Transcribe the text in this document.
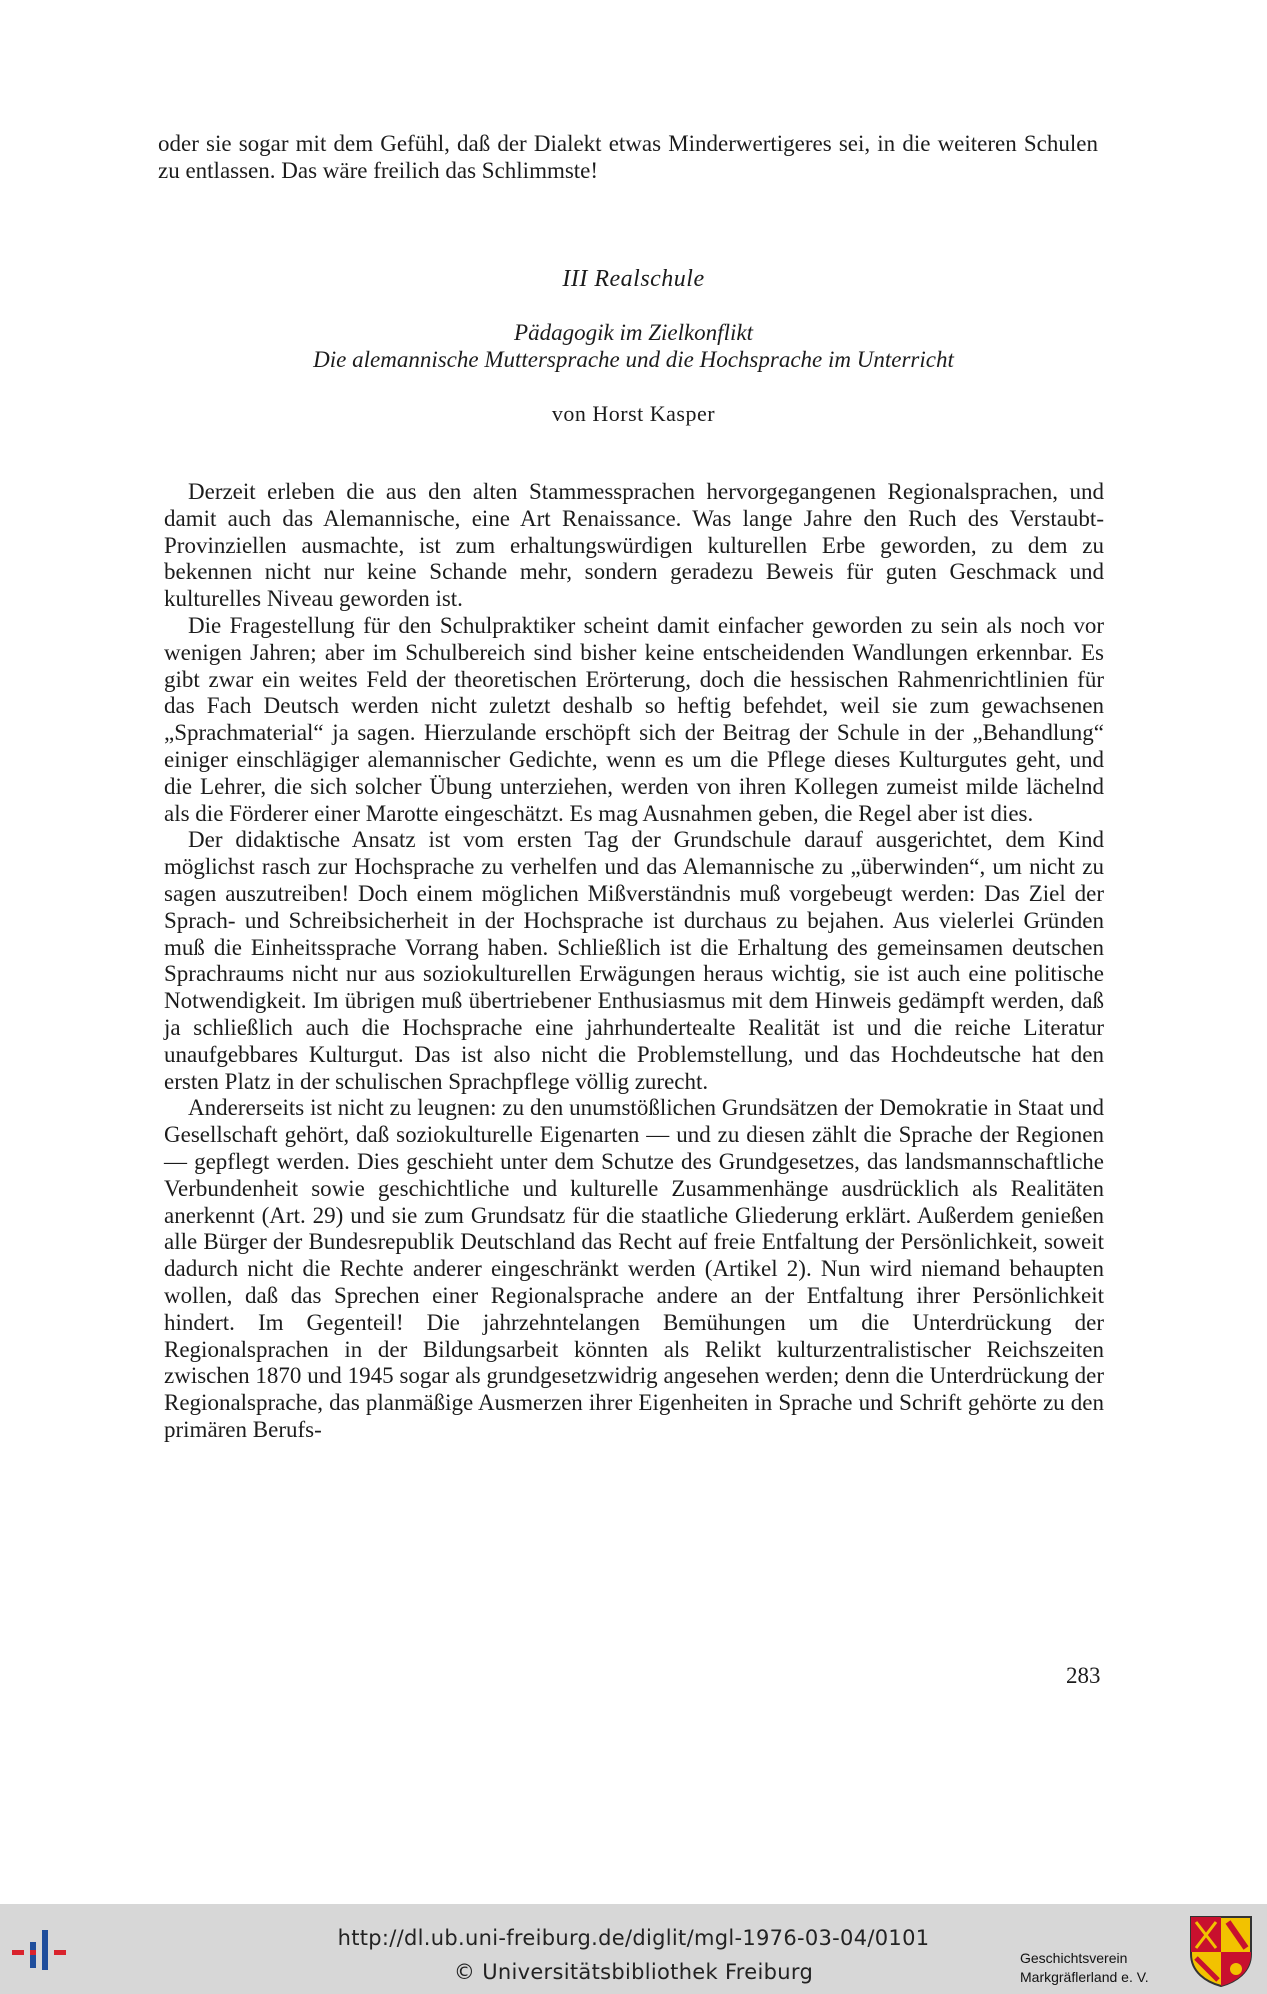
oder sie sogar mit dem Gefühl, daß der Dialekt etwas Minderwertigeres sei, in die weiteren Schulen zu entlassen. Das wäre freilich das Schlimmste!
III Realschule
Pädagogik im Zielkonflikt
Die alemannische Muttersprache und die Hochsprache im Unterricht
von Horst Kasper

Derzeit erleben die aus den alten Stammessprachen hervorgegangenen Regionalsprachen, und damit auch das Alemannische, eine Art Renaissance. Was lange Jahre den Ruch des Verstaubt-Provinziellen ausmachte, ist zum erhaltungswürdigen kulturellen Erbe geworden, zu dem zu bekennen nicht nur keine Schande mehr, sondern geradezu Beweis für guten Geschmack und kulturelles Niveau geworden ist.

Die Fragestellung für den Schulpraktiker scheint damit einfacher geworden zu sein als noch vor wenigen Jahren; aber im Schulbereich sind bisher keine entscheidenden Wandlungen erkennbar. Es gibt zwar ein weites Feld der theoretischen Erörterung, doch die hessischen Rahmenrichtlinien für das Fach Deutsch werden nicht zuletzt deshalb so heftig befehdet, weil sie zum gewachsenen „Sprachmaterial“ ja sagen. Hierzulande erschöpft sich der Beitrag der Schule in der „Behandlung“ einiger einschlägiger alemannischer Gedichte, wenn es um die Pflege dieses Kulturgutes geht, und die Lehrer, die sich solcher Übung unterziehen, werden von ihren Kollegen zumeist milde lächelnd als die Förderer einer Marotte eingeschätzt. Es mag Ausnahmen geben, die Regel aber ist dies.

Der didaktische Ansatz ist vom ersten Tag der Grundschule darauf ausgerichtet, dem Kind möglichst rasch zur Hochsprache zu verhelfen und das Alemannische zu „überwinden“, um nicht zu sagen auszutreiben! Doch einem möglichen Mißverständnis muß vorgebeugt werden: Das Ziel der Sprach- und Schreibsicherheit in der Hochsprache ist durchaus zu bejahen. Aus vielerlei Gründen muß die Einheitssprache Vorrang haben. Schließlich ist die Erhaltung des gemeinsamen deutschen Sprachraums nicht nur aus soziokulturellen Erwägungen heraus wichtig, sie ist auch eine politische Notwendigkeit. Im übrigen muß übertriebener Enthusiasmus mit dem Hinweis gedämpft werden, daß ja schließlich auch die Hochsprache eine jahrhundertealte Realität ist und die reiche Literatur unaufgebbares Kulturgut. Das ist also nicht die Problemstellung, und das Hochdeutsche hat den ersten Platz in der schulischen Sprachpflege völlig zurecht.

Andererseits ist nicht zu leugnen: zu den unumstößlichen Grundsätzen der Demokratie in Staat und Gesellschaft gehört, daß soziokulturelle Eigenarten — und zu diesen zählt die Sprache der Regionen — gepflegt werden. Dies geschieht unter dem Schutze des Grundgesetzes, das landsmannschaftliche Verbundenheit sowie geschichtliche und kulturelle Zusammenhänge ausdrücklich als Realitäten anerkennt (Art. 29) und sie zum Grundsatz für die staatliche Gliederung erklärt. Außerdem genießen alle Bürger der Bundesrepublik Deutschland das Recht auf freie Entfaltung der Persönlichkeit, soweit dadurch nicht die Rechte anderer eingeschränkt werden (Artikel 2). Nun wird niemand behaupten wollen, daß das Sprechen einer Regionalsprache andere an der Entfaltung ihrer Persönlichkeit hindert. Im Gegenteil! Die jahrzehntelangen Bemühungen um die Unterdrückung der Regionalsprachen in der Bildungsarbeit könnten als Relikt kulturzentralistischer Reichszeiten zwischen 1870 und 1945 sogar als grundgesetzwidrig angesehen werden; denn die Unterdrückung der Regionalsprache, das planmäßige Ausmerzen ihrer Eigenheiten in Sprache und Schrift gehörte zu den primären Berufs-

283
http://dl.ub.uni-freiburg.de/diglit/mgl-1976-03-04/0101
© Universitätsbibliothek Freiburg
Geschichtsverein
Markgräflerland e. V.
